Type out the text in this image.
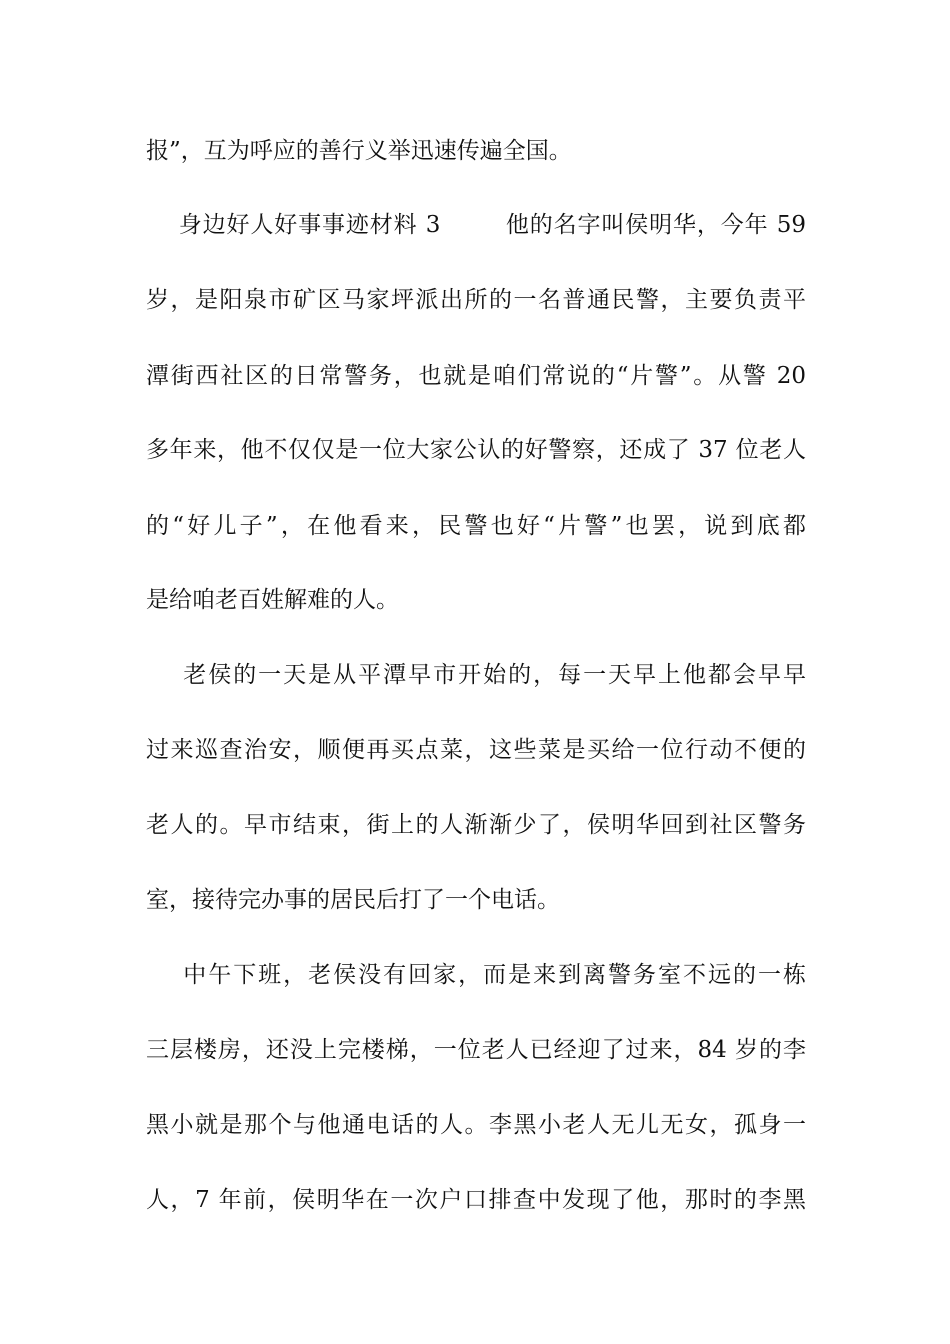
报”，互为呼应的善行义举迅速传遍全国。
身边好人好事事迹材料 3        他的名字叫侯明华，今年 59
岁，是阳泉市矿区马家坪派出所的一名普通民警，主要负责平
潭街西社区的日常警务，也就是咱们常说的“片警”。从警 20
多年来，他不仅仅是一位大家公认的好警察，还成了 37 位老人
的“好儿子”，在他看来，民警也好“片警”也罢，说到底都
是给咱老百姓解难的人。
老侯的一天是从平潭早市开始的，每一天早上他都会早早
过来巡查治安，顺便再买点菜，这些菜是买给一位行动不便的
老人的。早市结束，街上的人渐渐少了，侯明华回到社区警务
室，接待完办事的居民后打了一个电话。
中午下班，老侯没有回家，而是来到离警务室不远的一栋
三层楼房，还没上完楼梯，一位老人已经迎了过来，84 岁的李
黑小就是那个与他通电话的人。李黑小老人无儿无女，孤身一
人，7 年前，侯明华在一次户口排查中发现了他，那时的李黑
